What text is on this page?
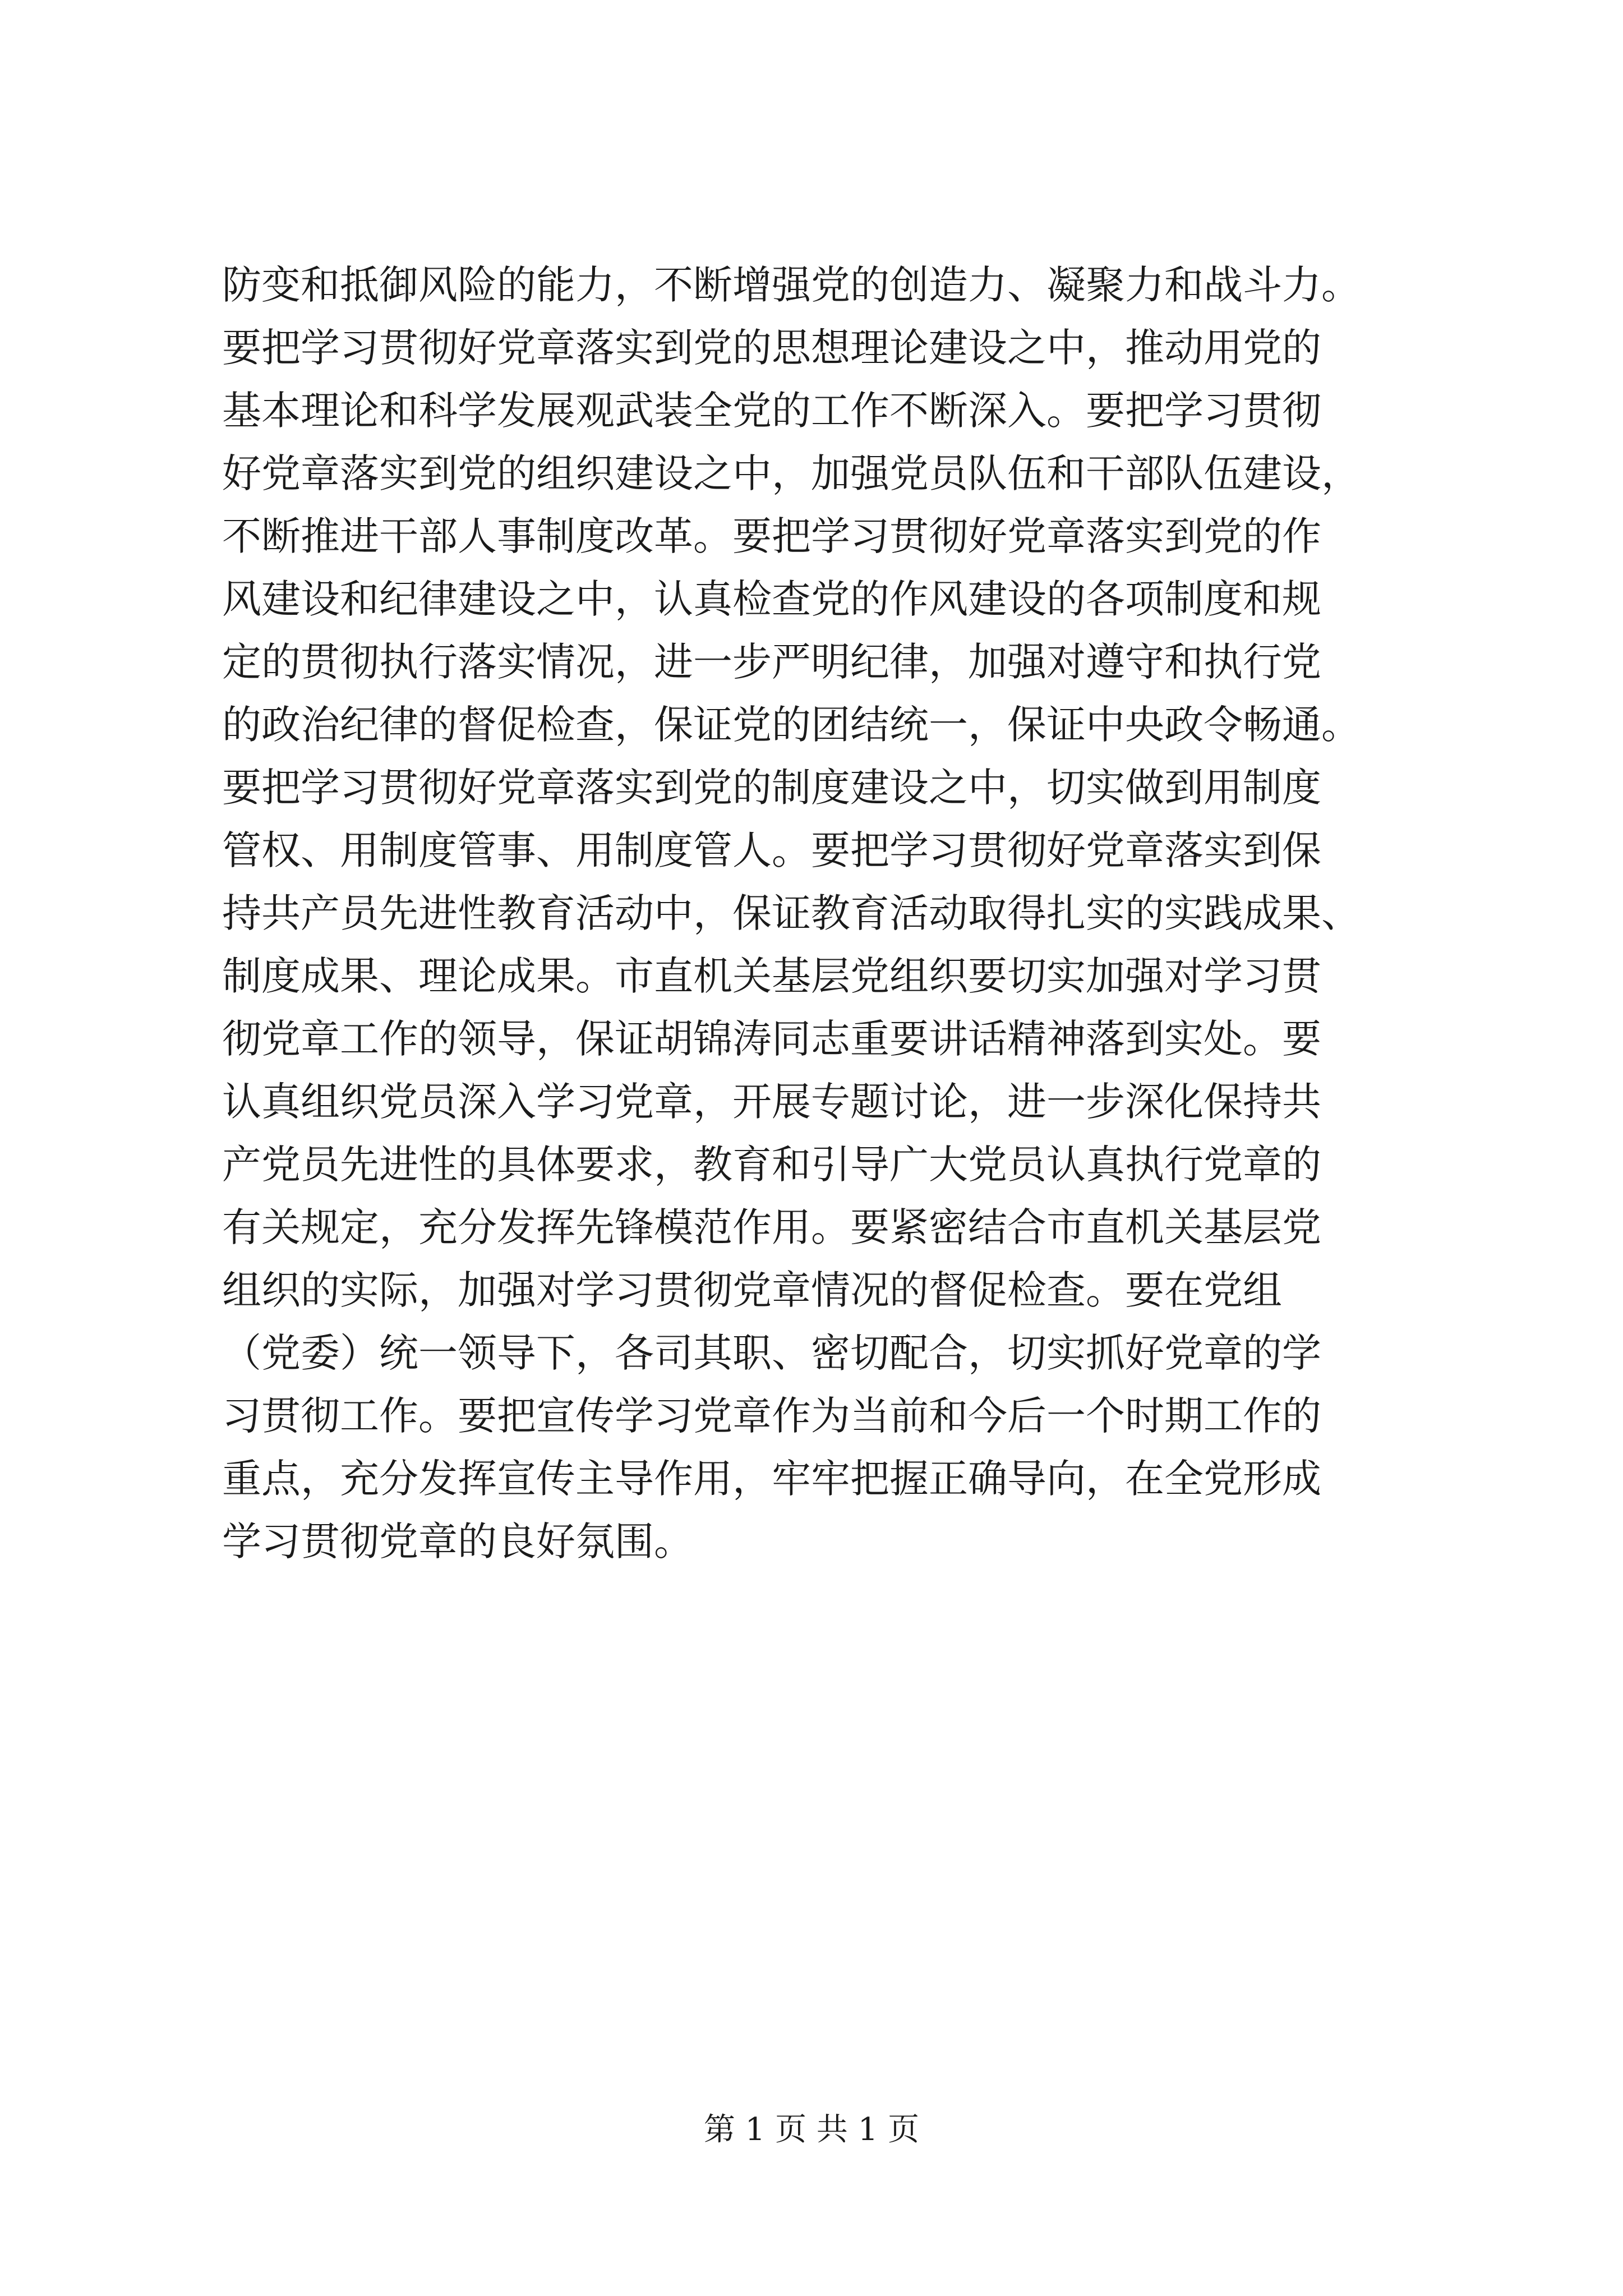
防变和抵御风险的能力，不断增强党的创造力、凝聚力和战斗力。
要把学习贯彻好党章落实到党的思想理论建设之中，推动用党的
基本理论和科学发展观武装全党的工作不断深入。要把学习贯彻
好党章落实到党的组织建设之中，加强党员队伍和干部队伍建设，
不断推进干部人事制度改革。要把学习贯彻好党章落实到党的作
风建设和纪律建设之中，认真检查党的作风建设的各项制度和规
定的贯彻执行落实情况，进一步严明纪律，加强对遵守和执行党
的政治纪律的督促检查，保证党的团结统一，保证中央政令畅通。
要把学习贯彻好党章落实到党的制度建设之中，切实做到用制度
管权、用制度管事、用制度管人。要把学习贯彻好党章落实到保
持共产员先进性教育活动中，保证教育活动取得扎实的实践成果、
制度成果、理论成果。市直机关基层党组织要切实加强对学习贯
彻党章工作的领导，保证胡锦涛同志重要讲话精神落到实处。要
认真组织党员深入学习党章，开展专题讨论，进一步深化保持共
产党员先进性的具体要求，教育和引导广大党员认真执行党章的
有关规定，充分发挥先锋模范作用。要紧密结合市直机关基层党
组织的实际，加强对学习贯彻党章情况的督促检查。要在党组
（党委）统一领导下，各司其职、密切配合，切实抓好党章的学
习贯彻工作。要把宣传学习党章作为当前和今后一个时期工作的
重点，充分发挥宣传主导作用，牢牢把握正确导向，在全党形成
学习贯彻党章的良好氛围。
第 1 页 共 1 页
